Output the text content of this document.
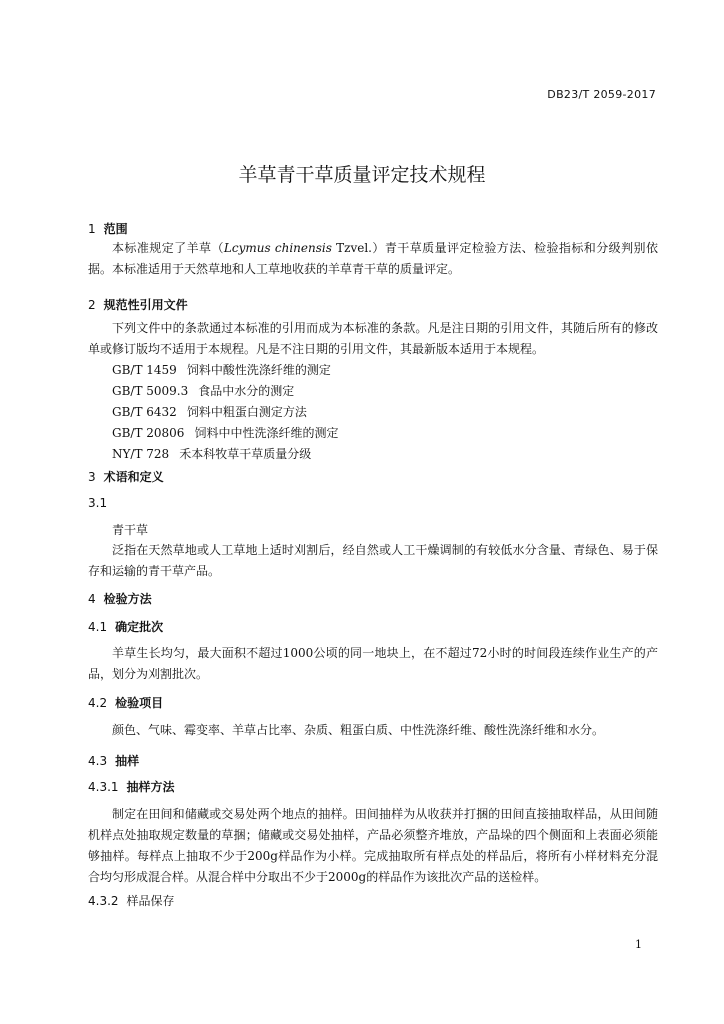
DB23/T 2059-2017
羊草青干草质量评定技术规程
1 范围
本标准规定了羊草（Lcymus chinensis Tzvel.）青干草质量评定检验方法、检验指标和分级判别依据。 本标准适用于天然草地和人工草地收获的羊草青干草的质量评定。
2 规范性引用文件
下列文件中的条款通过本标准的引用而成为本标准的条款。凡是注日期的引用文件，其随后所有的修改单或修订版均不适用于本规程。凡是不注日期的引用文件，其最新版本适用于本规程。
GB/T 1459 饲料中酸性洗涤纤维的测定
GB/T 5009.3 食品中水分的测定
GB/T 6432 饲料中粗蛋白测定方法
GB/T 20806 饲料中中性洗涤纤维的测定
NY/T 728 禾本科牧草干草质量分级
3 术语和定义
3.1
青干草
泛指在天然草地或人工草地上适时刈割后，经自然或人工干燥调制的有较低水分含量、青绿色、易于保存和运输的青干草产品。
4 检验方法
4.1 确定批次
羊草生长均匀，最大面积不超过1000公顷的同一地块上，在不超过72小时的时间段连续作业生产的产品，划分为刈割批次。
4.2 检验项目
颜色、气味、霉变率、羊草占比率、杂质、粗蛋白质、中性洗涤纤维、酸性洗涤纤维和水分。
4.3 抽样
4.3.1 抽样方法
制定在田间和储藏或交易处两个地点的抽样。田间抽样为从收获并打捆的田间直接抽取样品，从田间随机样点处抽取规定数量的草捆；储藏或交易处抽样，产品必须整齐堆放，产品垛的四个侧面和上表面必须能够抽样。每样点上抽取不少于200g样品作为小样。完成抽取所有样点处的样品后，将所有小样材料充分混合均匀形成混合样。从混合样中分取出不少于2000g的样品作为该批次产品的送检样。
4.3.2 样品保存
1
